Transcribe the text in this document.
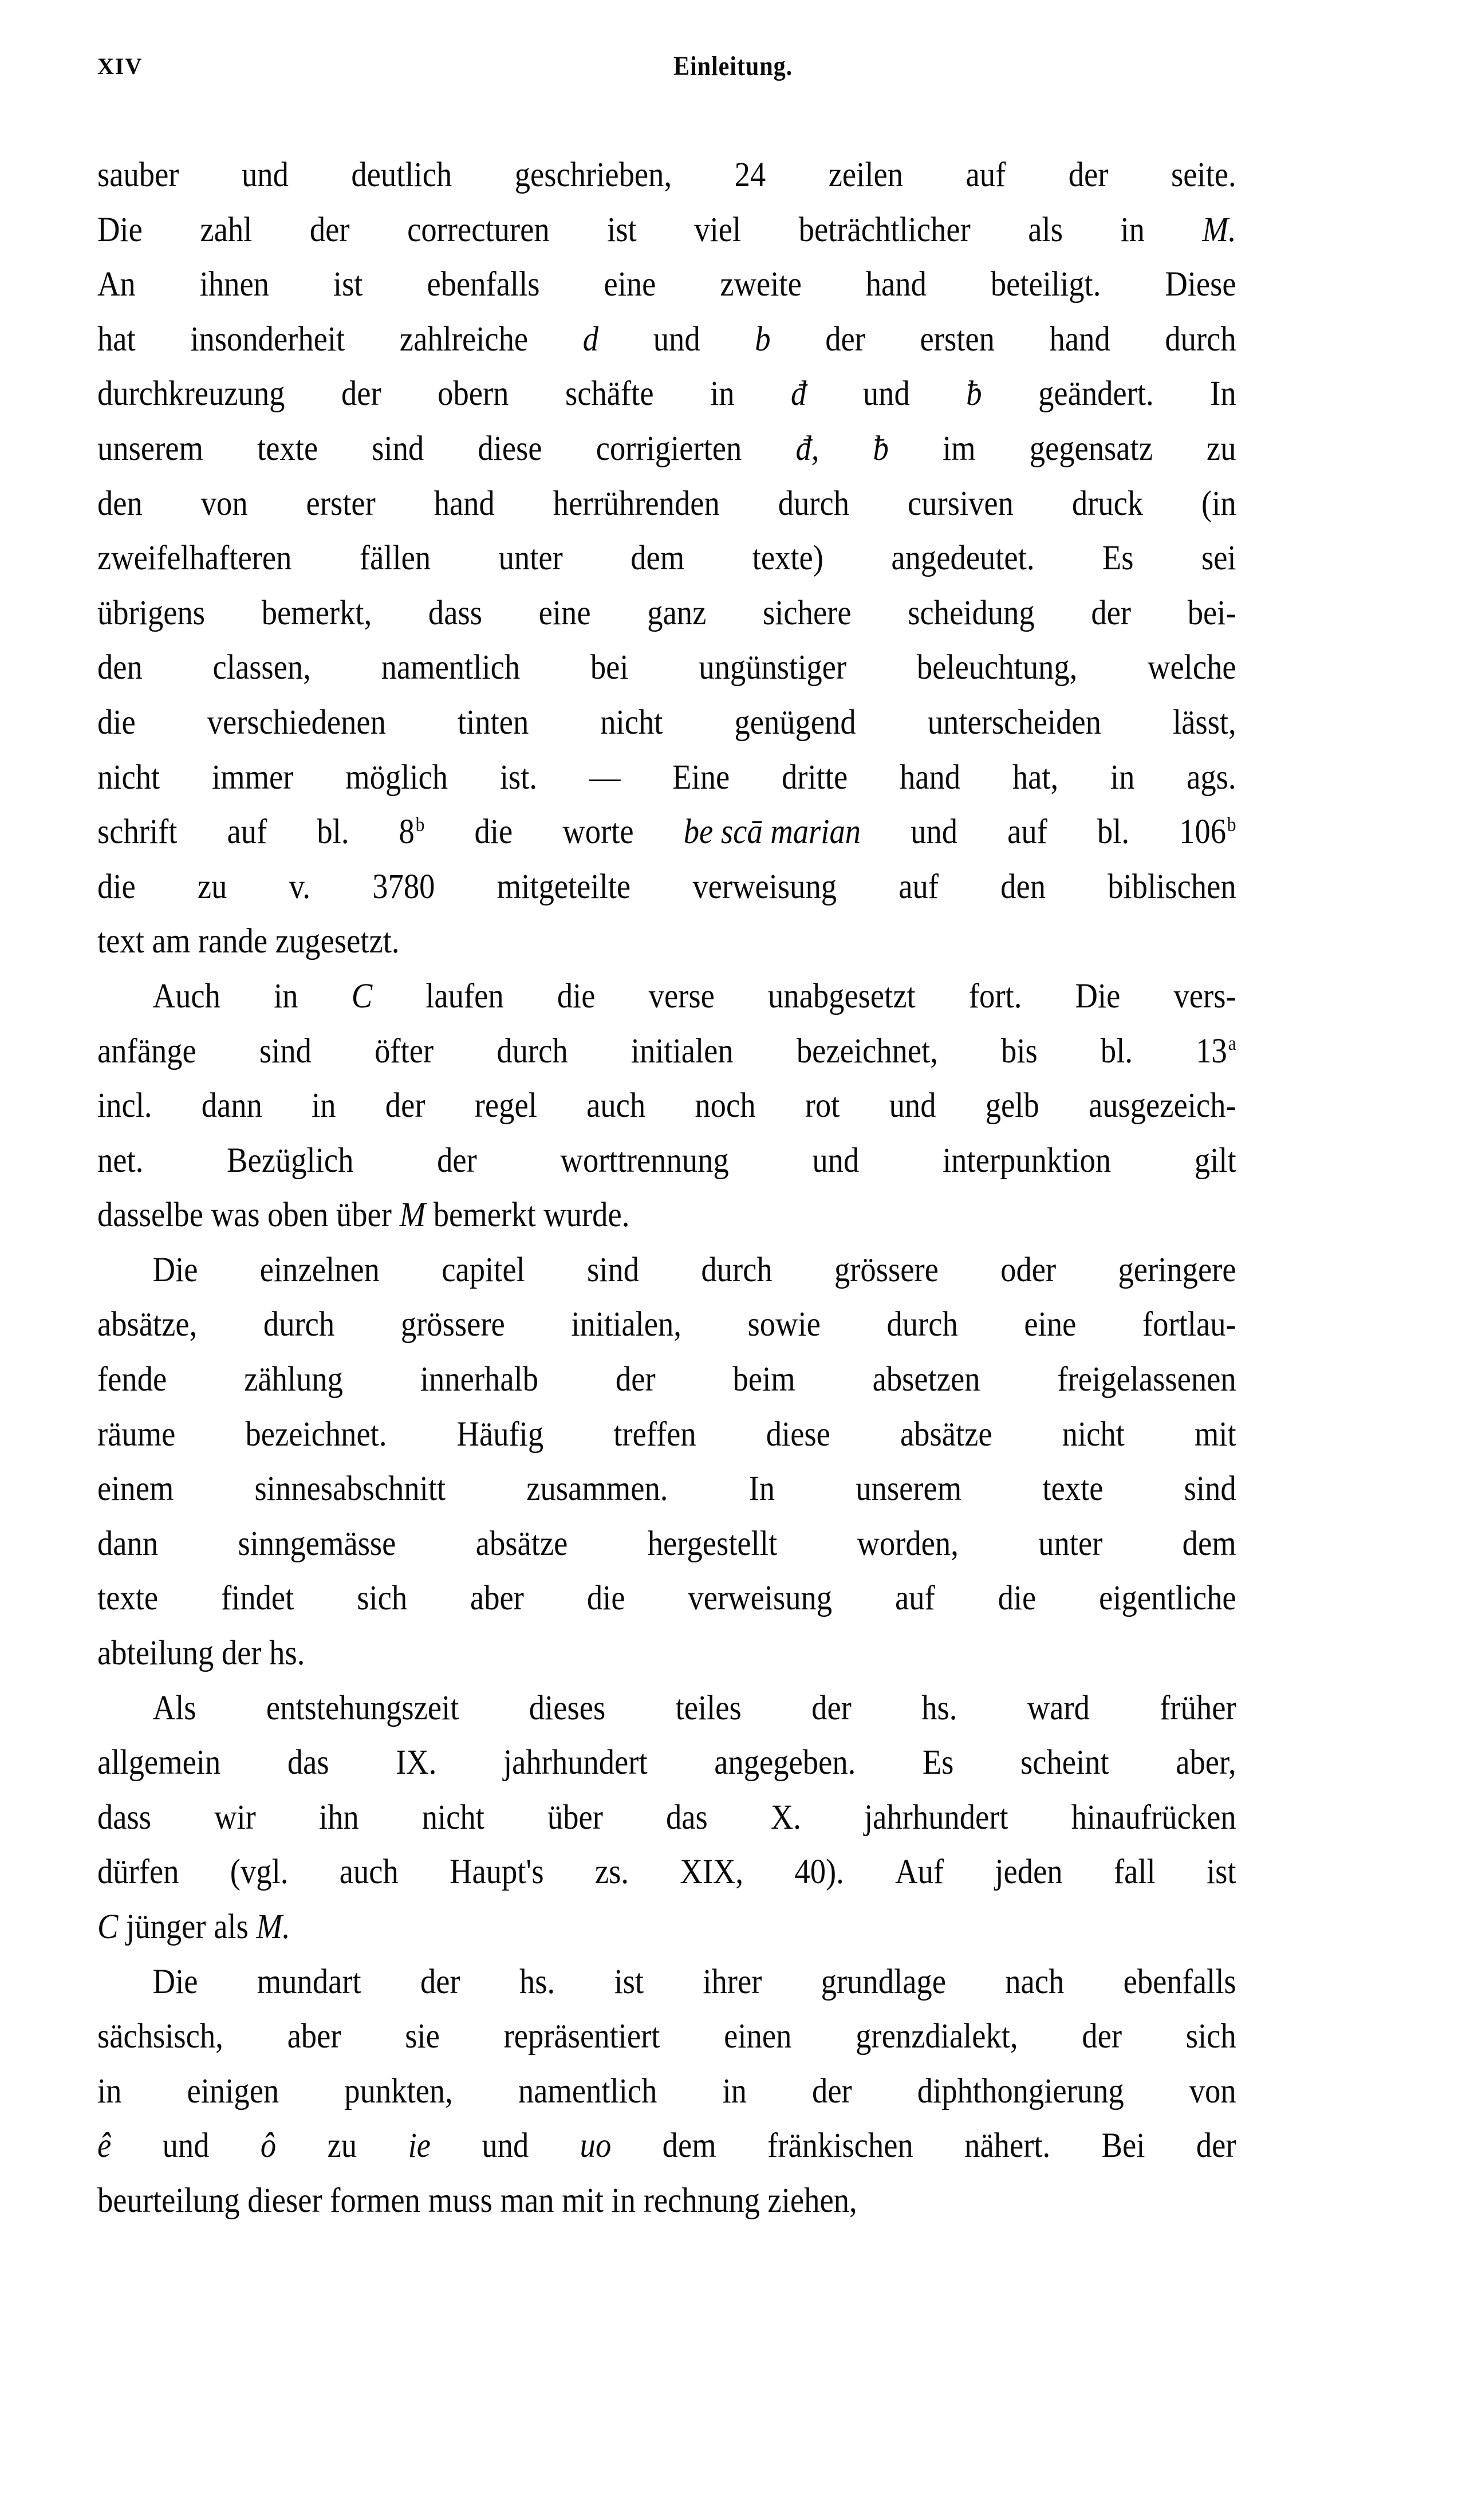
XIV	Einleitung.
sauber und deutlich geschrieben, 24 zeilen auf der seite.
Die zahl der correcturen ist viel beträchtlicher als in M.
An ihnen ist ebenfalls eine zweite hand beteiligt. Diese
hat insonderheit zahlreiche d und b der ersten hand durch
durchkreuzung der obern schäfte in đ und ƀ geändert. In
unserem texte sind diese corrigierten đ, ƀ im gegensatz zu
den von erster hand herrührenden durch cursiven druck (in
zweifelhafteren fällen unter dem texte) angedeutet. Es sei
übrigens bemerkt, dass eine ganz sichere scheidung der bei-
den classen, namentlich bei ungünstiger beleuchtung, welche
die verschiedenen tinten nicht genügend unterscheiden lässt,
nicht immer möglich ist. — Eine dritte hand hat, in ags.
schrift auf bl. 8$^b$ die worte be scā marian und auf bl. 106$^b$
die zu v. 3780 mitgeteilte verweisung auf den biblischen
text am rande zugesetzt.
Auch in C laufen die verse unabgesetzt fort. Die vers-
anfänge sind öfter durch initialen bezeichnet, bis bl. 13$^a$
incl. dann in der regel auch noch rot und gelb ausgezeich-
net. Bezüglich der worttrennung und interpunktion gilt
dasselbe was oben über M bemerkt wurde.
Die einzelnen capitel sind durch grössere oder geringere
absätze, durch grössere initialen, sowie durch eine fortlau-
fende zählung innerhalb der beim absetzen freigelassenen
räume bezeichnet. Häufig treffen diese absätze nicht mit
einem sinnesabschnitt zusammen. In unserem texte sind
dann sinngemässe absätze hergestellt worden, unter dem
texte findet sich aber die verweisung auf die eigentliche
abteilung der hs.
Als entstehungszeit dieses teiles der hs. ward früher
allgemein das IX. jahrhundert angegeben. Es scheint aber,
dass wir ihn nicht über das X. jahrhundert hinaufrücken
dürfen (vgl. auch Haupt's zs. XIX, 40). Auf jeden fall ist
C jünger als M.
Die mundart der hs. ist ihrer grundlage nach ebenfalls
sächsisch, aber sie repräsentiert einen grenzdialekt, der sich
in einigen punkten, namentlich in der diphthongierung von
ê und ô zu ie und uo dem fränkischen nähert. Bei der
beurteilung dieser formen muss man mit in rechnung ziehen,
